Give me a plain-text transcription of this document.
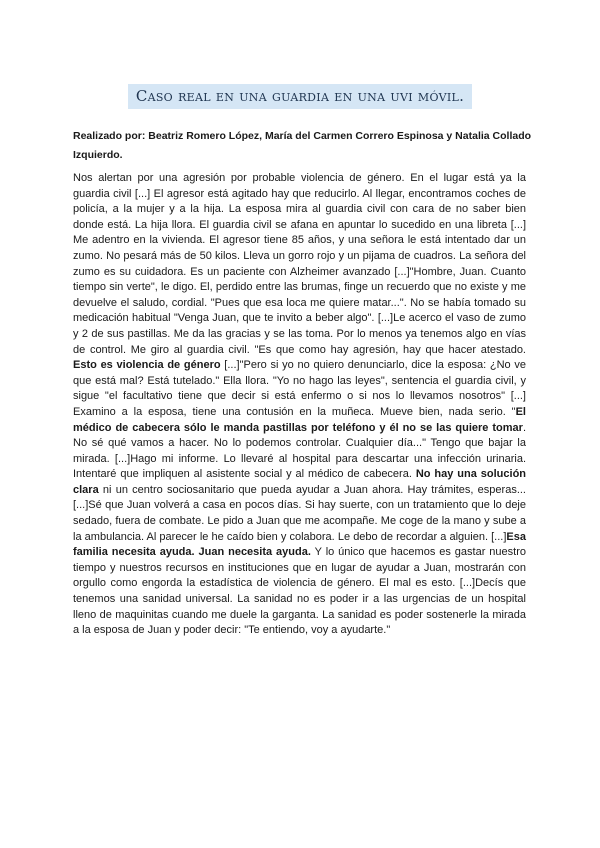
Caso real en una guardia en una uvi móvil.

Realizado por: Beatriz Romero López, María del Carmen Correro Espinosa y Natalia Collado Izquierdo.

Nos alertan por una agresión por probable violencia de género. En el lugar está ya la guardia civil [...] El agresor está agitado hay que reducirlo. Al llegar, encontramos coches de policía, a la mujer y a la hija. La esposa mira al guardia civil con cara de no saber bien donde está. La hija llora. El guardia civil se afana en apuntar lo sucedido en una libreta [...] Me adentro en la vivienda. El agresor tiene 85 años, y una señora le está intentado dar un zumo. No pesará más de 50 kilos. Lleva un gorro rojo y un pijama de cuadros. La señora del zumo es su cuidadora. Es un paciente con Alzheimer avanzado [...]"Hombre, Juan. Cuanto tiempo sin verte", le digo. El, perdido entre las brumas, finge un recuerdo que no existe y me devuelve el saludo, cordial. "Pues que esa loca me quiere matar...". No se había tomado su medicación habitual "Venga Juan, que te invito a beber algo". [...]Le acerco el vaso de zumo y 2 de sus pastillas. Me da las gracias y se las toma. Por lo menos ya tenemos algo en vías de control. Me giro al guardia civil. "Es que como hay agresión, hay que hacer atestado. Esto es violencia de género [...]"Pero si yo no quiero denunciarlo, dice la esposa: ¿No ve que está mal? Está tutelado." Ella llora. "Yo no hago las leyes", sentencia el guardia civil, y sigue "el facultativo tiene que decir si está enfermo o si nos lo llevamos nosotros" [...] Examino a la esposa, tiene una contusión en la muñeca. Mueve bien, nada serio. "El médico de cabecera sólo le manda pastillas por teléfono y él no se las quiere tomar. No sé qué vamos a hacer. No lo podemos controlar. Cualquier día..." Tengo que bajar la mirada. [...]Hago mi informe. Lo llevaré al hospital para descartar una infección urinaria. Intentaré que impliquen al asistente social y al médico de cabecera. No hay una solución clara ni un centro sociosanitario que pueda ayudar a Juan ahora. Hay trámites, esperas... [...]Sé que Juan volverá a casa en pocos días. Si hay suerte, con un tratamiento que lo deje sedado, fuera de combate. Le pido a Juan que me acompañe. Me coge de la mano y sube a la ambulancia. Al parecer le he caído bien y colabora. Le debo de recordar a alguien. [...]Esa familia necesita ayuda. Juan necesita ayuda. Y lo único que hacemos es gastar nuestro tiempo y nuestros recursos en instituciones que en lugar de ayudar a Juan, mostrarán con orgullo como engorda la estadística de violencia de género. El mal es esto. [...]Decís que tenemos una sanidad universal. La sanidad no es poder ir a las urgencias de un hospital lleno de maquinitas cuando me duele la garganta. La sanidad es poder sostenerle la mirada a la esposa de Juan y poder decir: "Te entiendo, voy a ayudarte."
